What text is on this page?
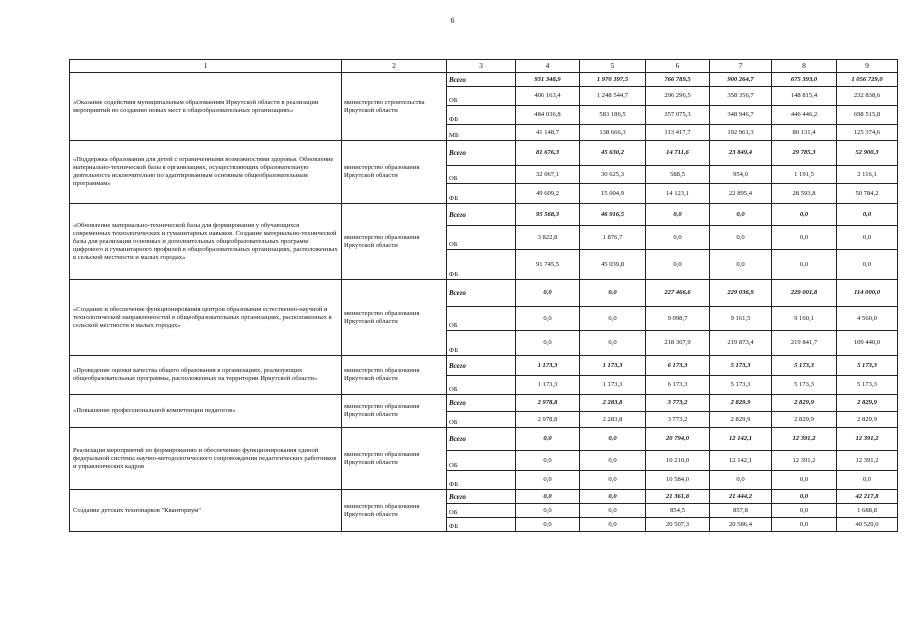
6
1	2	3	4	5	6	7	8	9
«Оказание содействия муниципальным образованиям Иркутской области в реализации мероприятий по созданию новых мест в общеобразовательных организациях»	министерство строительства Иркутской области	Всего	931 348,9	1 970 397,5	766 789,5	900 264,7	675 393,0	1 056 729,0
		ОБ	406 163,4	1 248 544,7	296 296,5	358 356,7	148 815,4	232 838,6
		ФБ	484 036,8	583 186,5	357 075,3	348 946,7	446 446,2	698 515,8
		МБ	41 148,7	138 666,3	113 417,7	192 961,3	80 131,4	125 374,6
«Поддержка образования для детей с ограниченными возможностями здоровья. Обновление материально-технической базы в организациях, осуществляющих образовательную деятельность исключительно по адаптированным основным общеобразовательным программам»	министерство образования Иркутской области	Всего	81 676,3	45 630,2	14 711,6	23 849,4	29 785,3	52 900,3
		ОБ	32 067,1	30 625,3	588,5	954,0	1 191,5	2 116,1
		ФБ	49 609,2	15 004,9	14 123,1	22 895,4	28 593,8	50 784,2
«Обновление материально-технической базы для формирования у обучающихся современных технологических и гуманитарных навыков. Создание материально-технической базы для реализации основных и дополнительных общеобразовательных программ цифрового и гуманитарного профилей в общеобразовательных организациях, расположенных в сельской местности и малых городах»	министерство образования Иркутской области	Всего	95 568,3	46 916,5	0,0	0,0	0,0	0,0
		ОБ	3 822,8	1 876,7	0,0	0,0	0,0	0,0
		ФБ	91 745,5	45 039,8	0,0	0,0	0,0	0,0
«Создание и обеспечение функционирования центров образования естественно-научной и технологической направленностей в общеобразовательных организациях, расположенных в сельской местности и малых городах»	министерство образования Иркутской области	Всего	0,0	0,0	227 466,6	229 036,9	229 001,8	114 000,0
		ОБ	0,0	0,0	9 098,7	9 161,5	9 160,1	4 560,0
		ФБ	0,0	0,0	218 367,9	219 873,4	219 841,7	109 440,0
«Проведение оценки качества общего образования в организациях, реализующих общеобразовательные программы, расположенных на территории Иркутской области»	министерство образования Иркутской области	Всего	1 173,3	1 173,3	6 173,3	5 173,3	5 173,3	5 173,3
		ОБ	1 173,3	1 173,3	6 173,3	5 173,3	5 173,3	5 173,3
«Повышение профессиональной компетенции педагогов»	министерство образования Иркутской области	Всего	2 978,8	2 283,8	3 773,2	2 829,9	2 829,9	2 829,9
		ОБ	2 978,8	2 283,8	3 773,2	2 829,9	2 829,9	2 829,9
Реализация мероприятий по формированию и обеспечению функционирования единой федеральной системы научно-методологического сопровождения педагогических работников и управленческих кадров	министерство образования Иркутской области	Всего	0,0	0,0	20 794,0	12 142,1	12 391,2	12 391,2
		ОБ	0,0	0,0	10 210,0	12 142,1	12 391,2	12 391,2
		ФБ	0,0	0,0	10 584,0	0,0	0,0	0,0
Создание детских технопарков "Кванториум"	министерство образования Иркутской области	Всего	0,0	0,0	21 361,8	21 444,2	0,0	42 217,8
		ОБ	0,0	0,0	854,5	857,8	0,0	1 688,8
		ФБ	0,0	0,0	20 507,3	20 586,4	0,0	40 529,0
